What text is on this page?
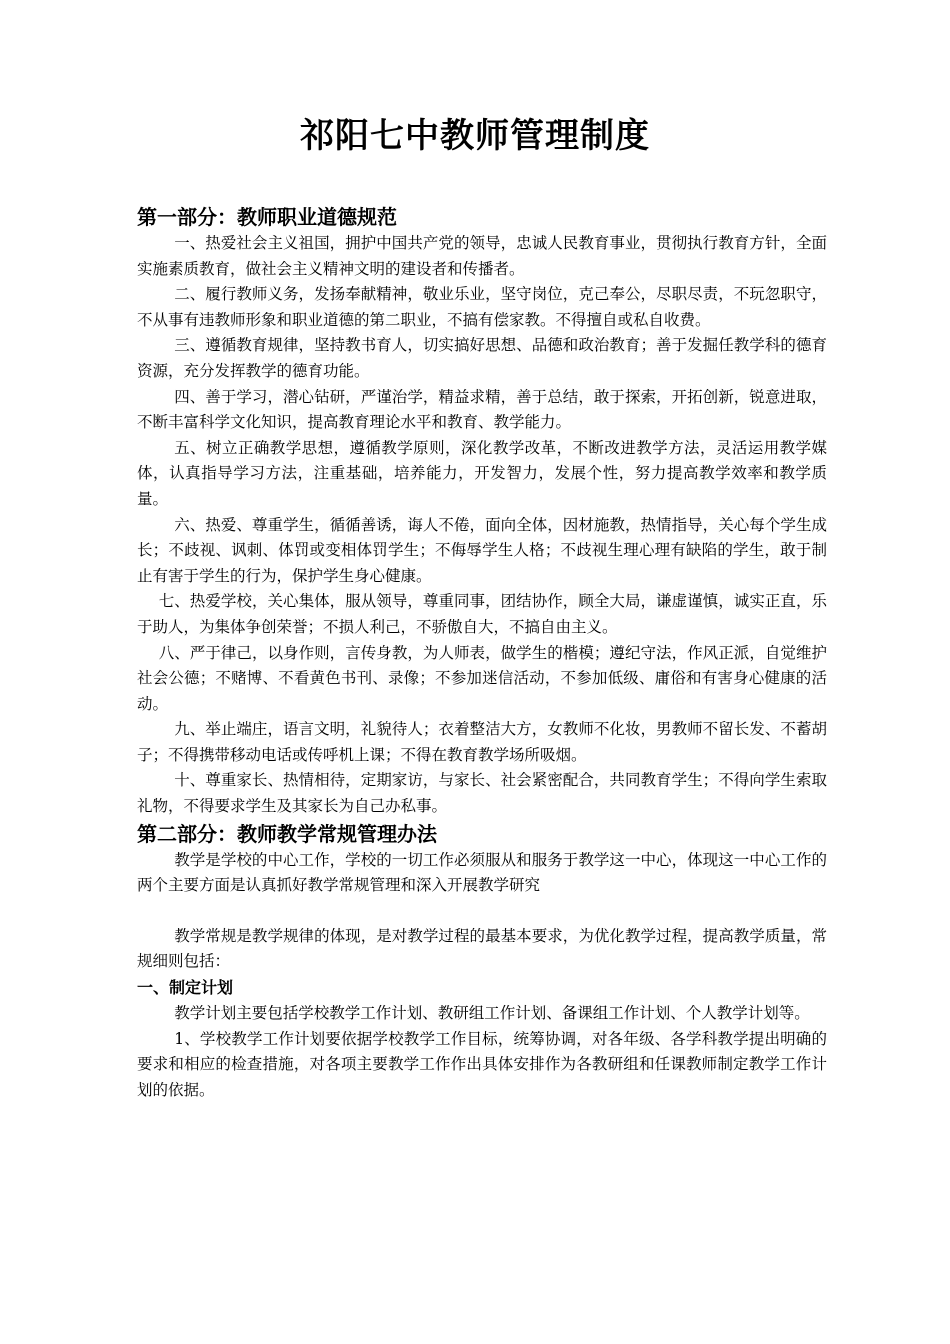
祁阳七中教师管理制度

第一部分：教师职业道德规范

一、热爱社会主义祖国，拥护中国共产党的领导，忠诚人民教育事业，贯彻执行教育方针，全面实施素质教育，做社会主义精神文明的建设者和传播者。

二、履行教师义务，发扬奉献精神，敬业乐业，坚守岗位，克己奉公，尽职尽责，不玩忽职守，不从事有违教师形象和职业道德的第二职业，不搞有偿家教。不得擅自或私自收费。

三、遵循教育规律，坚持教书育人，切实搞好思想、品德和政治教育；善于发掘任教学科的德育资源，充分发挥教学的德育功能。

四、善于学习，潜心钻研，严谨治学，精益求精，善于总结，敢于探索，开拓创新，锐意进取，不断丰富科学文化知识，提高教育理论水平和教育、教学能力。

五、树立正确教学思想，遵循教学原则，深化教学改革，不断改进教学方法，灵活运用教学媒体，认真指导学习方法，注重基础，培养能力，开发智力，发展个性，努力提高教学效率和教学质量。

六、热爱、尊重学生，循循善诱，诲人不倦，面向全体，因材施教，热情指导，关心每个学生成长；不歧视、讽刺、体罚或变相体罚学生；不侮辱学生人格；不歧视生理心理有缺陷的学生，敢于制止有害于学生的行为，保护学生身心健康。

七、热爱学校，关心集体，服从领导，尊重同事，团结协作，顾全大局，谦虚谨慎，诚实正直，乐于助人，为集体争创荣誉；不损人利己，不骄傲自大，不搞自由主义。

八、严于律己，以身作则，言传身教，为人师表，做学生的楷模；遵纪守法，作风正派，自觉维护社会公德；不赌博、不看黄色书刊、录像；不参加迷信活动，不参加低级、庸俗和有害身心健康的活动。

九、举止端庄，语言文明，礼貌待人；衣着整洁大方，女教师不化妆，男教师不留长发、不蓄胡子；不得携带移动电话或传呼机上课；不得在教育教学场所吸烟。

十、尊重家长、热情相待，定期家访，与家长、社会紧密配合，共同教育学生；不得向学生索取礼物，不得要求学生及其家长为自己办私事。

第二部分：教师教学常规管理办法

教学是学校的中心工作，学校的一切工作必须服从和服务于教学这一中心，体现这一中心工作的两个主要方面是认真抓好教学常规管理和深入开展教学研究

教学常规是教学规律的体现，是对教学过程的最基本要求，为优化教学过程，提高教学质量，常规细则包括：

一、制定计划

教学计划主要包括学校教学工作计划、教研组工作计划、备课组工作计划、个人教学计划等。

1、学校教学工作计划要依据学校教学工作目标，统筹协调，对各年级、各学科教学提出明确的要求和相应的检查措施，对各项主要教学工作作出具体安排作为各教研组和任课教师制定教学工作计划的依据。
